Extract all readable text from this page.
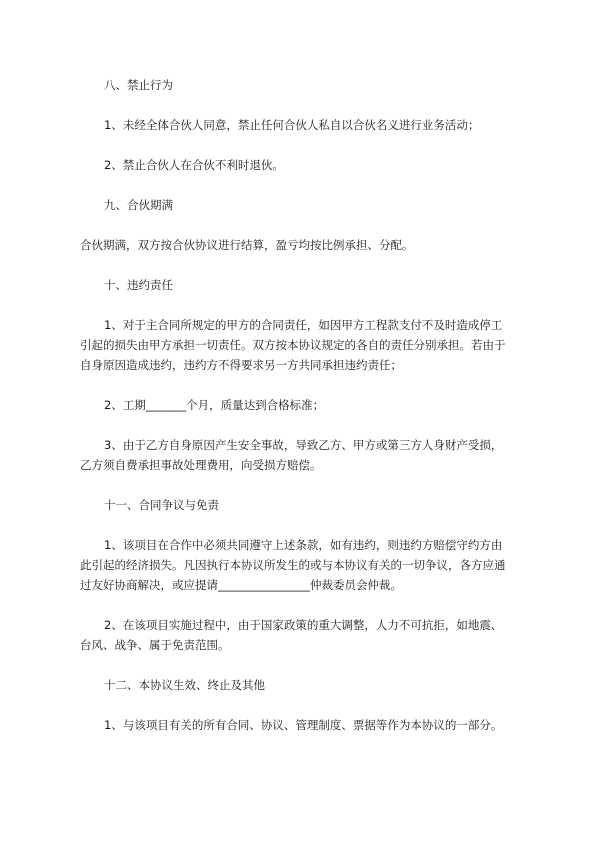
八、禁止行为
1、未经全体合伙人同意，禁止任何合伙人私自以合伙名义进行业务活动；
2、禁止合伙人在合伙不利时退伙。
九、合伙期满
合伙期满，双方按合伙协议进行结算，盈亏均按比例承担、分配。
十、违约责任
1、对于主合同所规定的甲方的合同责任，如因甲方工程款支付不及时造成停工
引起的损失由甲方承担一切责任。双方按本协议规定的各自的责任分别承担。若由于
自身原因造成违约，违约方不得要求另一方共同承担违约责任；
2、工期_______个月，质量达到合格标准；
3、由于乙方自身原因产生安全事故，导致乙方、甲方或第三方人身财产受损，
乙方须自费承担事故处理费用，向受损方赔偿。
十一、合同争议与免责
1、该项目在合作中必须共同遵守上述条款，如有违约，则违约方赔偿守约方由
此引起的经济损失。凡因执行本协议所发生的或与本协议有关的一切争议，各方应通
过友好协商解决，或应提请________________仲裁委员会仲裁。
2、在该项目实施过程中，由于国家政策的重大调整，人力不可抗拒，如地震、
台风、战争、属于免责范围。
十二、本协议生效、终止及其他
1、与该项目有关的所有合同、协议、管理制度、票据等作为本协议的一部分。
